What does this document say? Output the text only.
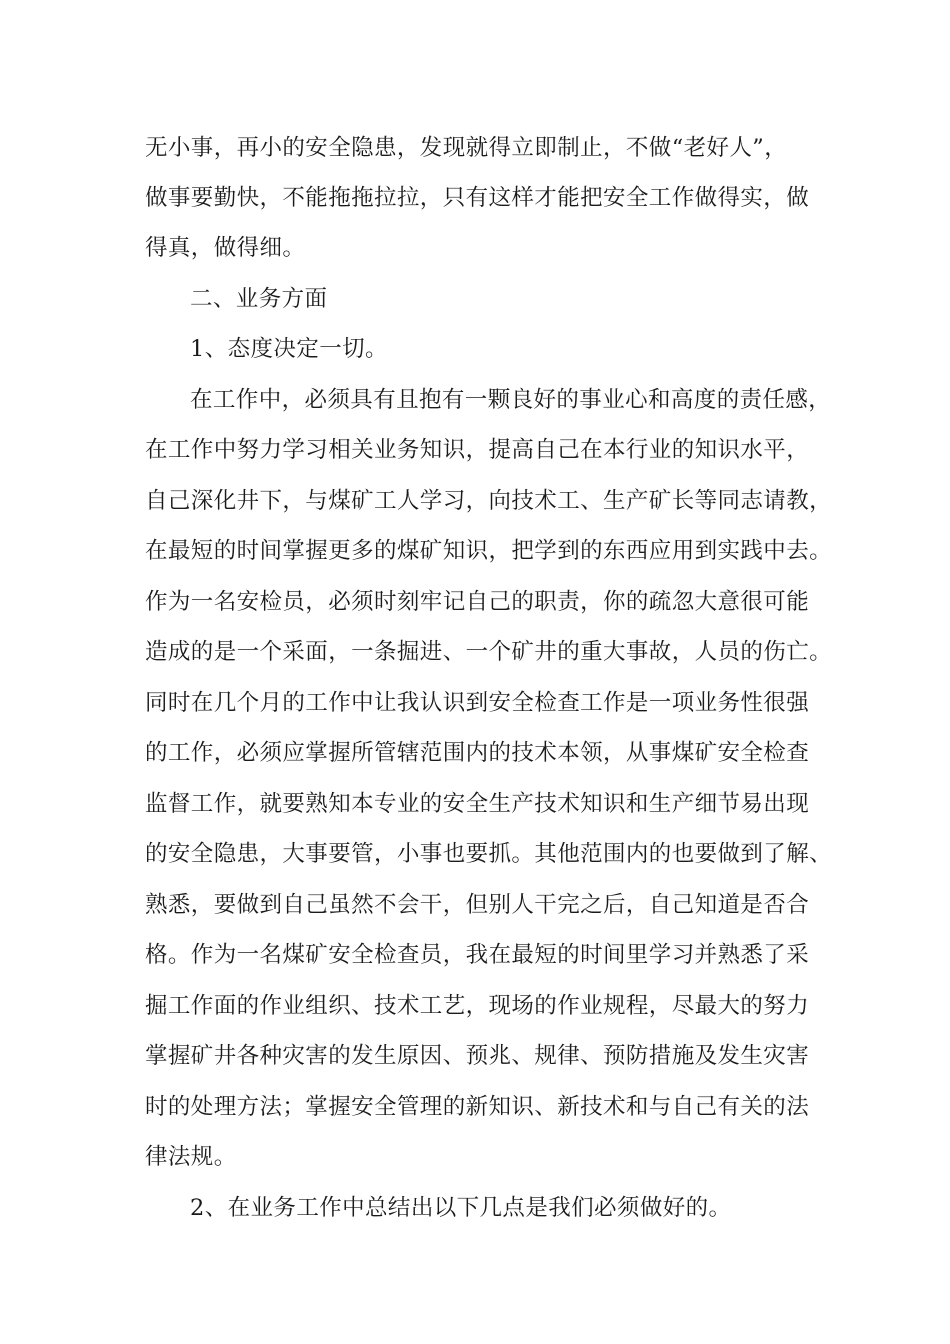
无小事，再小的安全隐患，发现就得立即制止，不做“老好人”，
做事要勤快，不能拖拖拉拉，只有这样才能把安全工作做得实，做
得真，做得细。
二、业务方面
1、态度决定一切。
在工作中，必须具有且抱有一颗良好的事业心和高度的责任感，
在工作中努力学习相关业务知识，提高自己在本行业的知识水平，
自己深化井下，与煤矿工人学习，向技术工、生产矿长等同志请教，
在最短的时间掌握更多的煤矿知识，把学到的东西应用到实践中去。
作为一名安检员，必须时刻牢记自己的职责，你的疏忽大意很可能
造成的是一个采面，一条掘进、一个矿井的重大事故，人员的伤亡。
同时在几个月的工作中让我认识到安全检查工作是一项业务性很强
的工作，必须应掌握所管辖范围内的技术本领，从事煤矿安全检查
监督工作，就要熟知本专业的安全生产技术知识和生产细节易出现
的安全隐患，大事要管，小事也要抓。其他范围内的也要做到了解、
熟悉，要做到自己虽然不会干，但别人干完之后，自己知道是否合
格。作为一名煤矿安全检查员，我在最短的时间里学习并熟悉了采
掘工作面的作业组织、技术工艺，现场的作业规程，尽最大的努力
掌握矿井各种灾害的发生原因、预兆、规律、预防措施及发生灾害
时的处理方法；掌握安全管理的新知识、新技术和与自己有关的法
律法规。
2、在业务工作中总结出以下几点是我们必须做好的。
